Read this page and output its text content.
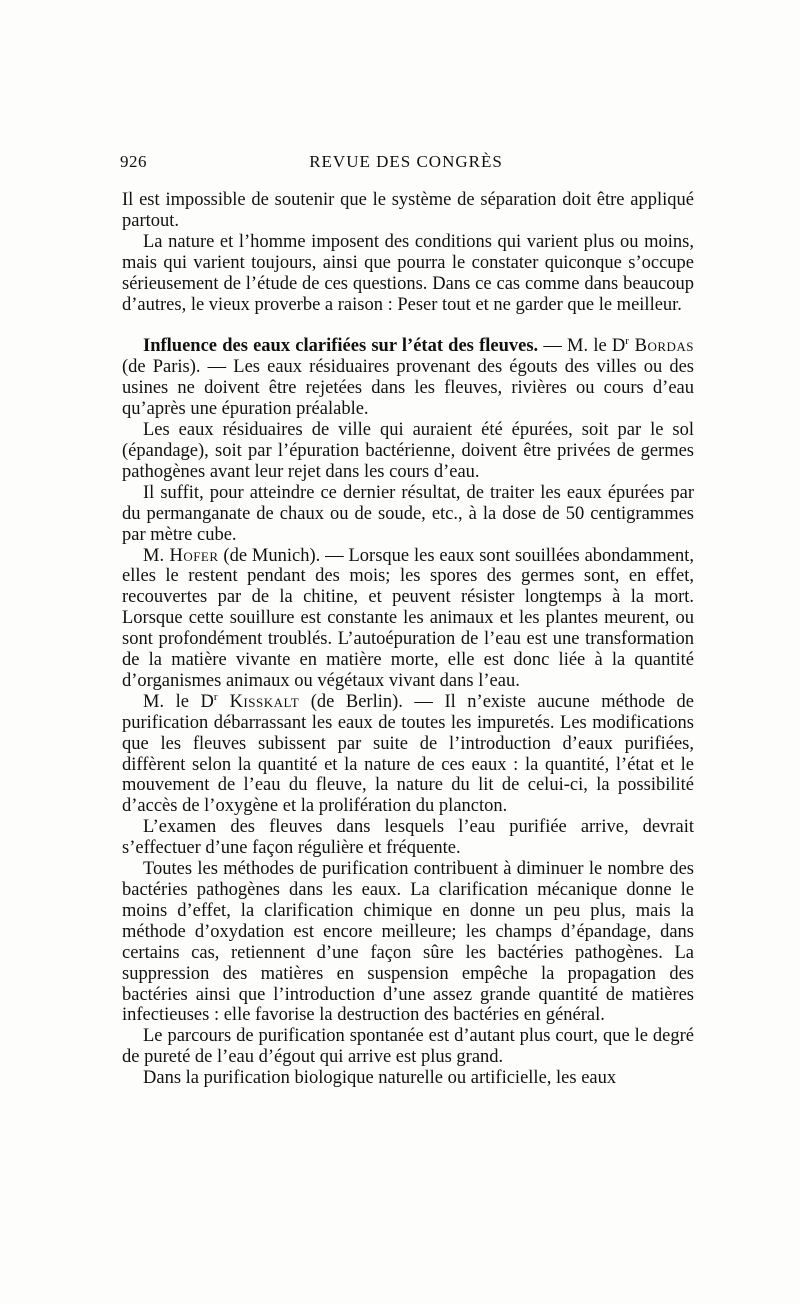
926	REVUE DES CONGRÈS

Il est impossible de soutenir que le système de séparation doit être appliqué partout.

La nature et l’homme imposent des conditions qui varient plus ou moins, mais qui varient toujours, ainsi que pourra le constater quiconque s’occupe sérieusement de l’étude de ces questions. Dans ce cas comme dans beaucoup d’autres, le vieux proverbe a raison : Peser tout et ne garder que le meilleur.

Influence des eaux clarifiées sur l’état des fleuves. — M. le $D^r$ Bordas (de Paris). — Les eaux résiduaires provenant des égouts des villes ou des usines ne doivent être rejetées dans les fleuves, rivières ou cours d’eau qu’après une épuration préalable.

Les eaux résiduaires de ville qui auraient été épurées, soit par le sol (épandage), soit par l’épuration bactérienne, doivent être privées de germes pathogènes avant leur rejet dans les cours d’eau.

Il suffit, pour atteindre ce dernier résultat, de traiter les eaux épurées par du permanganate de chaux ou de soude, etc., à la dose de 50 centigrammes par mètre cube.

M. Hofer (de Munich). — Lorsque les eaux sont souillées abondamment, elles le restent pendant des mois; les spores des germes sont, en effet, recouvertes par de la chitine, et peuvent résister longtemps à la mort. Lorsque cette souillure est constante les animaux et les plantes meurent, ou sont profondément troublés. L’autoépuration de l’eau est une transformation de la matière vivante en matière morte, elle est donc liée à la quantité d’organismes animaux ou végétaux vivant dans l’eau.

M. le $D^r$ Kisskalt (de Berlin). — Il n’existe aucune méthode de purification débarrassant les eaux de toutes les impuretés. Les modifications que les fleuves subissent par suite de l’introduction d’eaux purifiées, diffèrent selon la quantité et la nature de ces eaux : la quantité, l’état et le mouvement de l’eau du fleuve, la nature du lit de celui-ci, la possibilité d’accès de l’oxygène et la prolifération du plancton.

L’examen des fleuves dans lesquels l’eau purifiée arrive, devrait s’effectuer d’une façon régulière et fréquente.

Toutes les méthodes de purification contribuent à diminuer le nombre des bactéries pathogènes dans les eaux. La clarification mécanique donne le moins d’effet, la clarification chimique en donne un peu plus, mais la méthode d’oxydation est encore meilleure; les champs d’épandage, dans certains cas, retiennent d’une façon sûre les bactéries pathogènes. La suppression des matières en suspension empêche la propagation des bactéries ainsi que l’introduction d’une assez grande quantité de matières infectieuses : elle favorise la destruction des bactéries en général.

Le parcours de purification spontanée est d’autant plus court, que le degré de pureté de l’eau d’égout qui arrive est plus grand.

Dans la purification biologique naturelle ou artificielle, les eaux
